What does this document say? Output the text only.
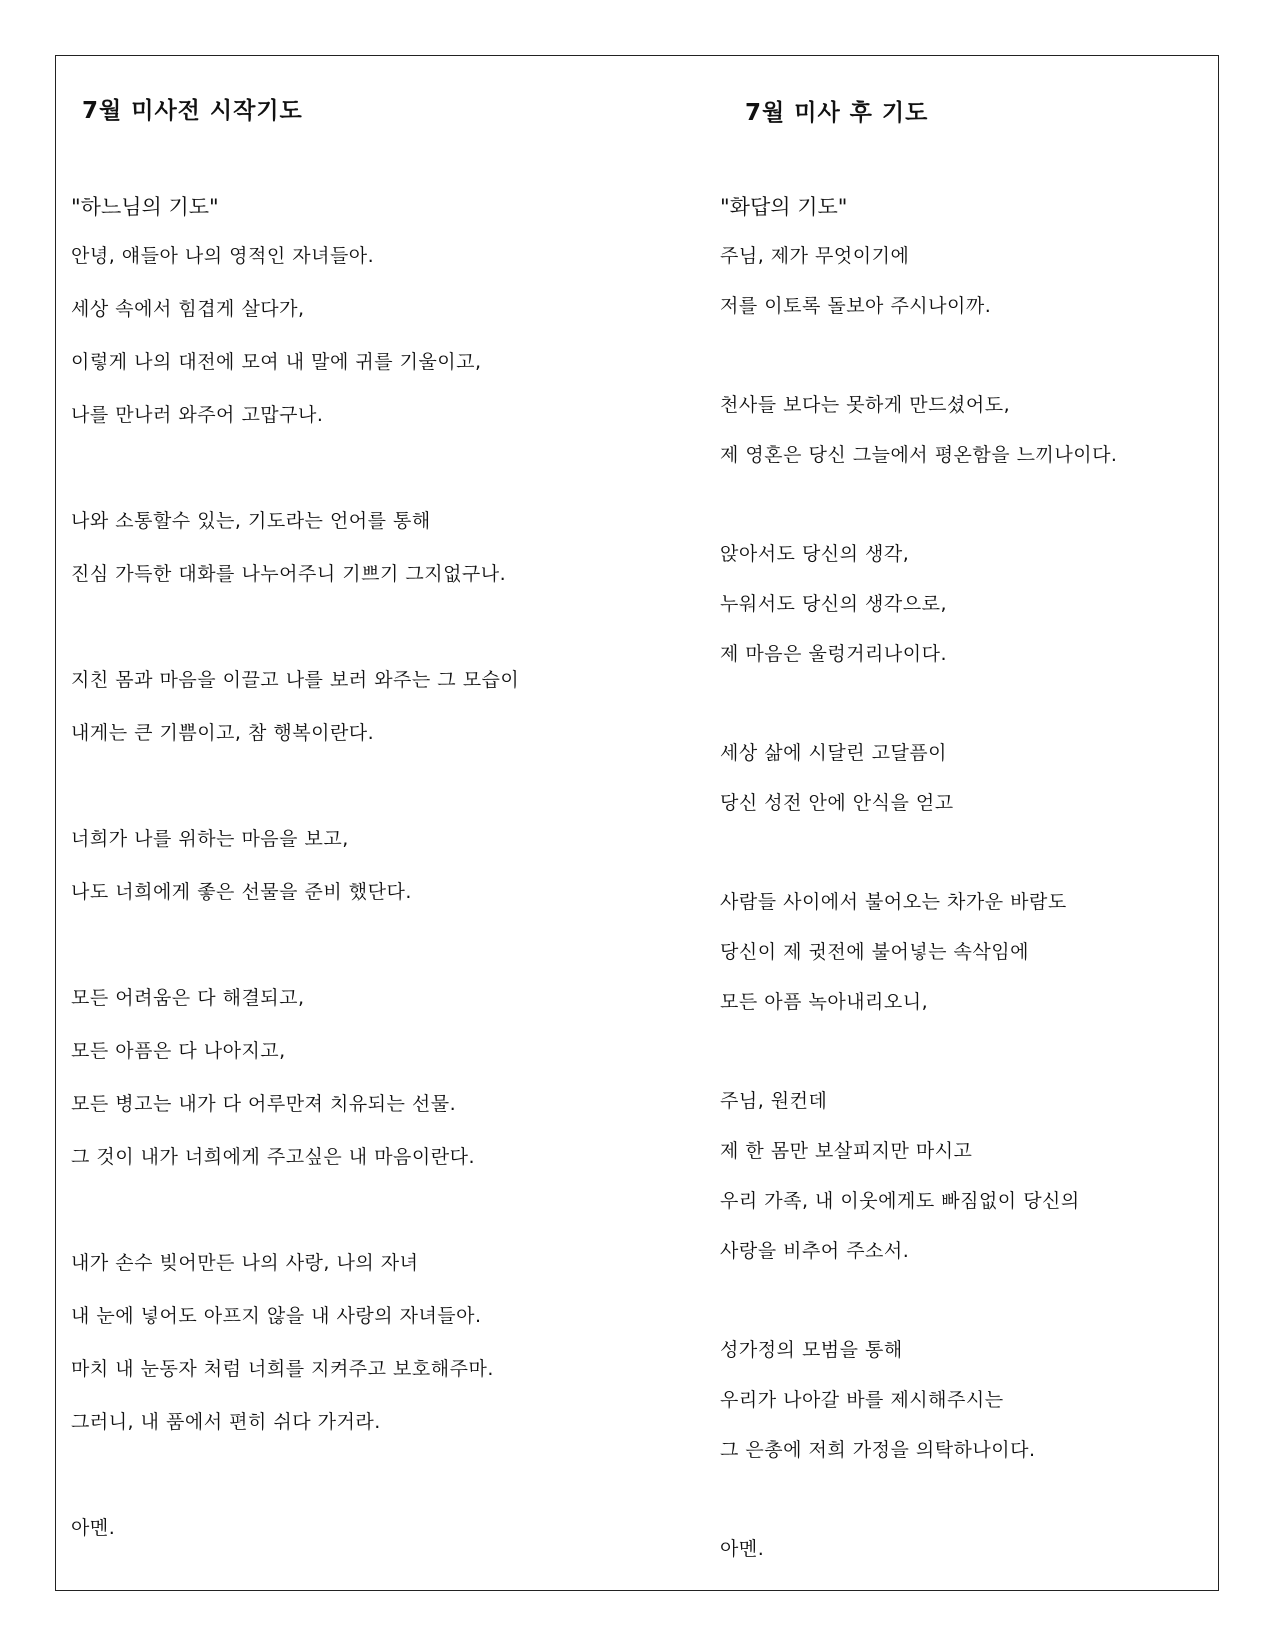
7월 미사전 시작기도
"하느님의 기도"
안녕, 얘들아 나의 영적인 자녀들아.
세상 속에서 힘겹게 살다가,
이렇게 나의 대전에 모여 내 말에 귀를 기울이고,
나를 만나러 와주어 고맙구나.
나와 소통할수 있는, 기도라는 언어를 통해
진심 가득한 대화를 나누어주니 기쁘기 그지없구나.
지친 몸과 마음을 이끌고 나를 보러 와주는 그 모습이
내게는 큰 기쁨이고, 참 행복이란다.
너희가 나를 위하는 마음을 보고,
나도 너희에게 좋은 선물을 준비 했단다.
모든 어려움은 다 해결되고,
모든 아픔은 다 나아지고,
모든 병고는 내가 다 어루만져 치유되는 선물.
그 것이 내가 너희에게 주고싶은 내 마음이란다.
내가 손수 빚어만든 나의 사랑, 나의 자녀
내 눈에 넣어도 아프지 않을 내 사랑의 자녀들아.
마치 내 눈동자 처럼 너희를 지켜주고 보호해주마.
그러니, 내 품에서 편히 쉬다 가거라.
아멘.
7월 미사 후 기도
"화답의 기도"
주님, 제가 무엇이기에
저를 이토록 돌보아 주시나이까.
천사들 보다는 못하게 만드셨어도,
제 영혼은 당신 그늘에서 평온함을 느끼나이다.
앉아서도 당신의 생각,
누워서도 당신의 생각으로,
제 마음은 울렁거리나이다.
세상 삶에 시달린 고달픔이
당신 성전 안에 안식을 얻고
사람들 사이에서 불어오는 차가운 바람도
당신이 제 귓전에 불어넣는 속삭임에
모든 아픔 녹아내리오니,
주님, 원컨데
제 한 몸만 보살피지만 마시고
우리 가족, 내 이웃에게도 빠짐없이 당신의
사랑을 비추어 주소서.
성가정의 모범을 통해
우리가 나아갈 바를 제시해주시는
그 은총에 저희 가정을 의탁하나이다.
아멘.
